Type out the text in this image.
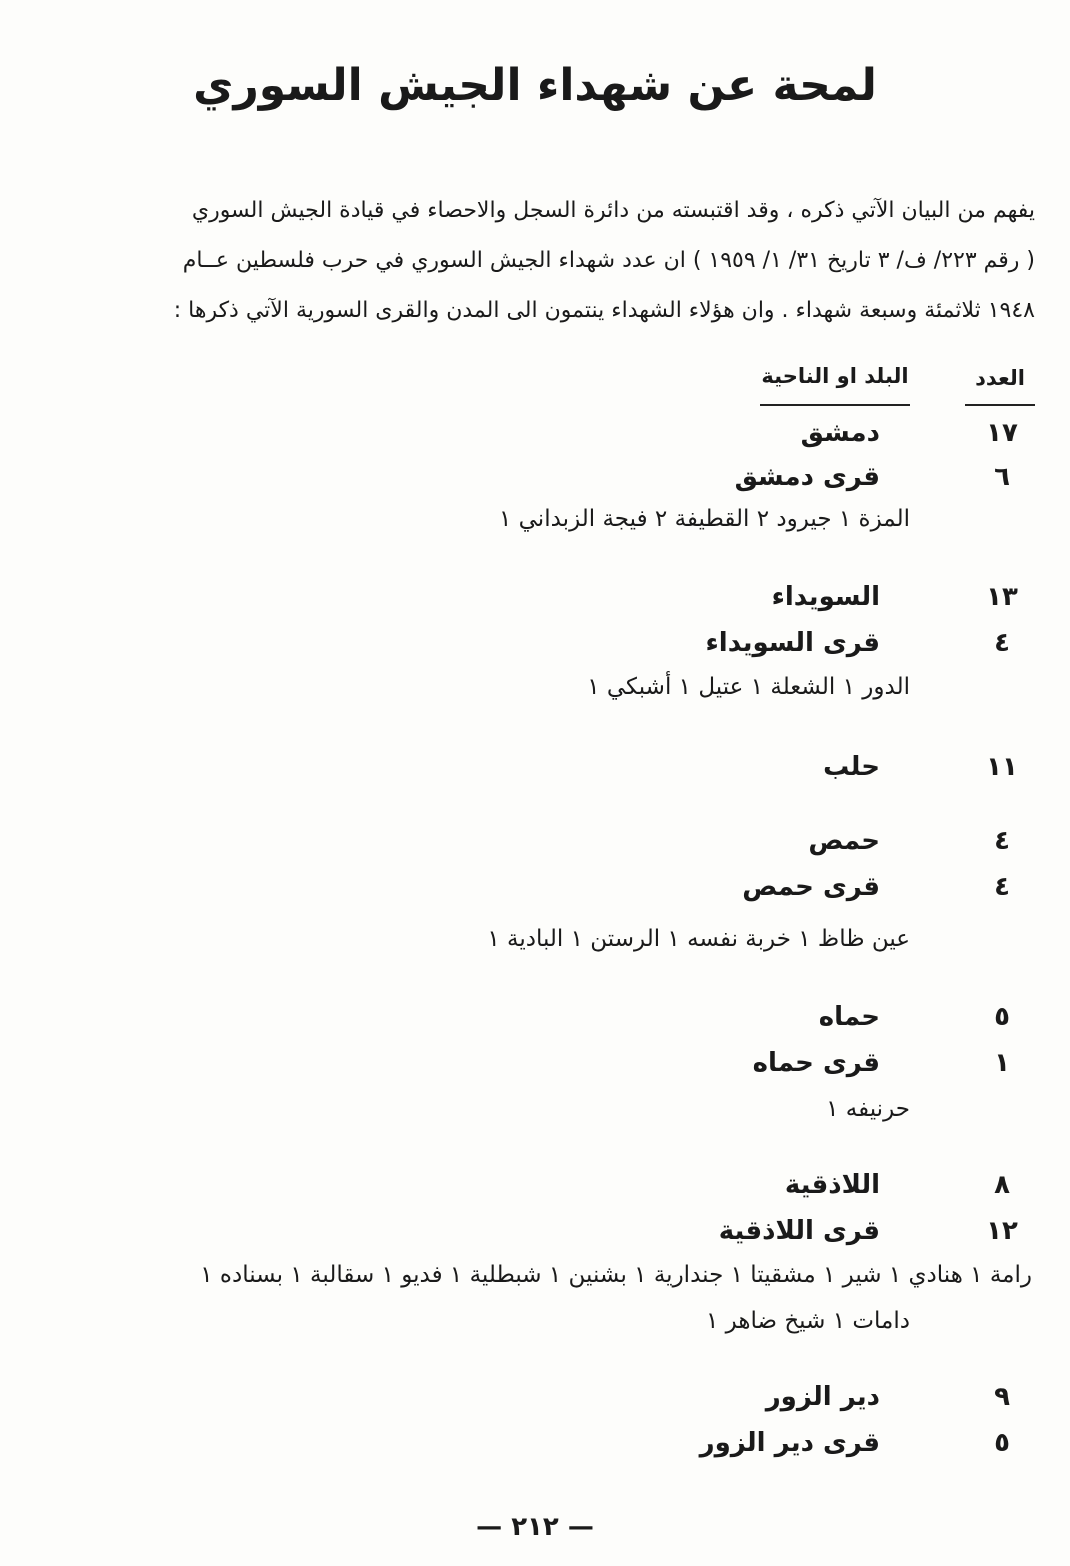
لمحة عن شهداء الجيش السوري
يفهم من البيان الآتي ذكره ، وقد اقتبسته من دائرة السجل والاحصاء في قيادة الجيش السوري
( رقم ٢٢٣/ ف/ ٣ تاريخ ٣١/ ١/ ١٩٥٩ ) ان عدد شهداء الجيش السوري في حرب فلسطين عــام
١٩٤٨ ثلاثمئة وسبعة شهداء . وان هؤلاء الشهداء ينتمون الى المدن والقرى السورية الآتي ذكرها :
العدد
البلد او الناحية
١٧
دمشق
٦
قرى دمشق
المزة ١ جيرود ٢ القطيفة ٢ فيجة الزبداني ١
١٣
السويداء
٤
قرى السويداء
الدور ١ الشعلة ١ عتيل ١ أشبكي ١
١١
حلب
٤
حمص
٤
قرى حمص
عين ظاظ ١ خربة نفسه ١ الرستن ١ البادية ١
٥
حماه
١
قرى حماه
حرنيفه ١
٨
اللاذقية
١٢
قرى اللاذقية
رامة ١ هنادي ١ شير ١ مشقيتا ١ جندارية ١ بشنين ١ شبطلية ١ فديو ١ سقالبة ١ بسناده ١
دامات ١ شيخ ضاهر ١
٩
دير الزور
٥
قرى دير الزور
— ٢١٢ —
